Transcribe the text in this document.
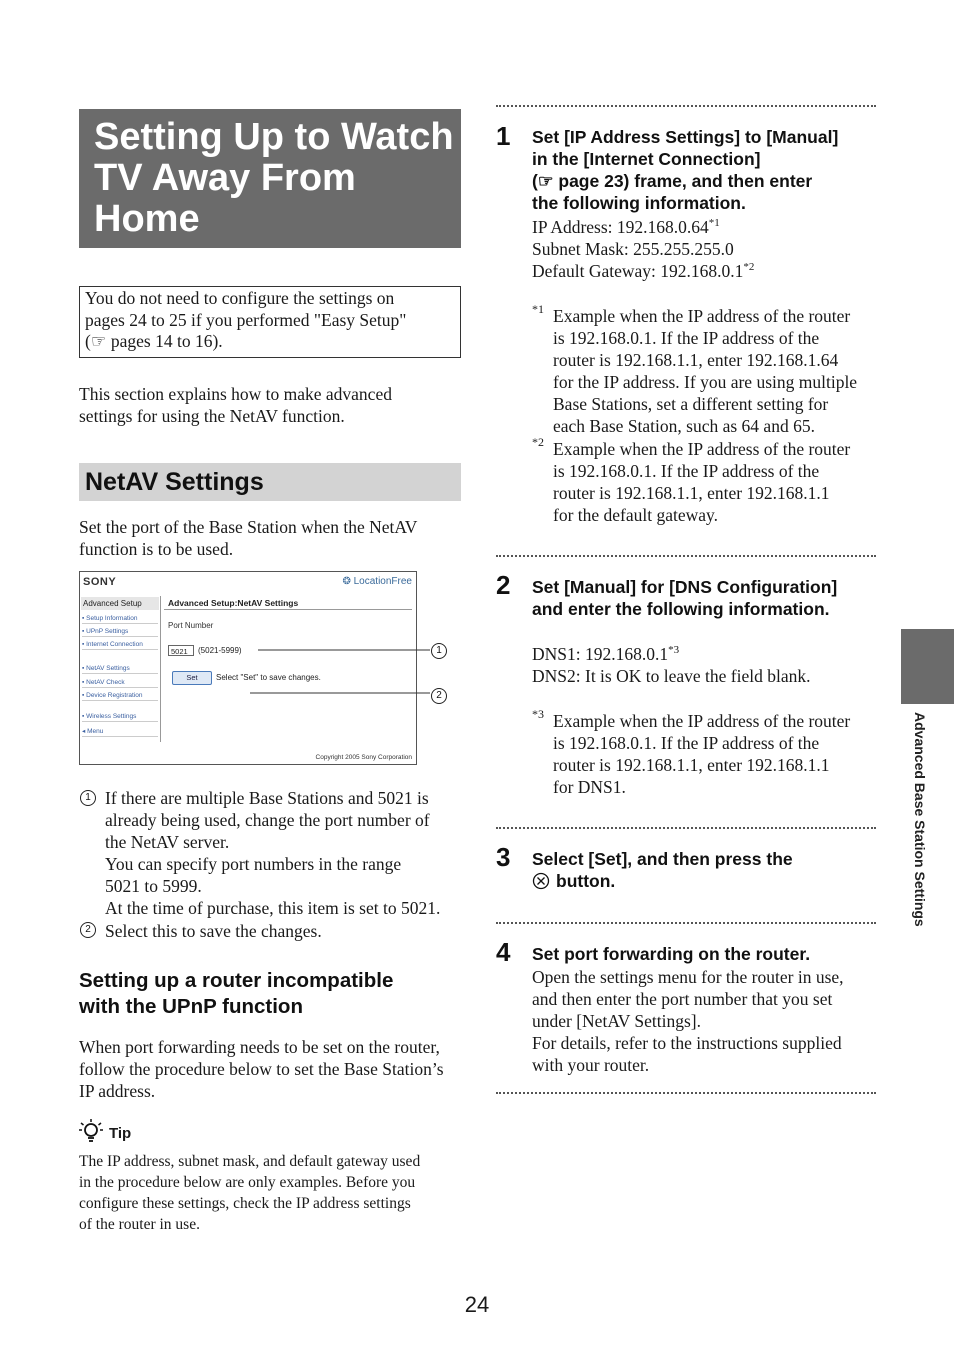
Setting Up to Watch
TV Away From
Home
You do not need to configure the settings on
pages 24 to 25 if you performed "Easy Setup"
(☞ pages 14 to 16).
This section explains how to make advanced
settings for using the NetAV function.
NetAV Settings
Set the port of the Base Station when the NetAV
function is to be used.
SONY	❂ LocationFree
Advanced Setup
▪ Setup Information
▪ UPnP Settings
▪ Internet Connection
▪ NetAV Settings
▪ NetAV Check
▪ Device Registration
▪ Wireless Settings
◂ Menu
Advanced Setup:NetAV Settings
Port Number
5021	(5021-5999)
Set	Select "Set" to save changes.
Copyright 2005 Sony Corporation
1
2
1 If there are multiple Base Stations and 5021 is
already being used, change the port number of
the NetAV server.
You can specify port numbers in the range
5021 to 5999.
At the time of purchase, this item is set to 5021.
2 Select this to save the changes.
Setting up a router incompatible
with the UPnP function
When port forwarding needs to be set on the router,
follow the procedure below to set the Base Station’s
IP address.
Tip
The IP address, subnet mask, and default gateway used
in the procedure below are only examples. Before you
configure these settings, check the IP address settings
of the router in use.
1 Set [IP Address Settings] to [Manual]
in the [Internet Connection]
(☞ page 23) frame, and then enter
the following information.
IP Address: 192.168.0.64$^{*1}$
Subnet Mask: 255.255.255.0
Default Gateway: 192.168.0.1$^{*2}$
*1 Example when the IP address of the router
is 192.168.0.1. If the IP address of the
router is 192.168.1.1, enter 192.168.1.64
for the IP address. If you are using multiple
Base Stations, set a different setting for
each Base Station, such as 64 and 65.
*2 Example when the IP address of the router
is 192.168.0.1. If the IP address of the
router is 192.168.1.1, enter 192.168.1.1
for the default gateway.
2 Set [Manual] for [DNS Configuration]
and enter the following information.
DNS1: 192.168.0.1$^{*3}$
DNS2: It is OK to leave the field blank.
*3 Example when the IP address of the router
is 192.168.0.1. If the IP address of the
router is 192.168.1.1, enter 192.168.1.1
for DNS1.
3 Select [Set], and then press the
button.
4 Set port forwarding on the router.
Open the settings menu for the router in use,
and then enter the port number that you set
under [NetAV Settings].
For details, refer to the instructions supplied
with your router.
Advanced Base Station Settings
24
